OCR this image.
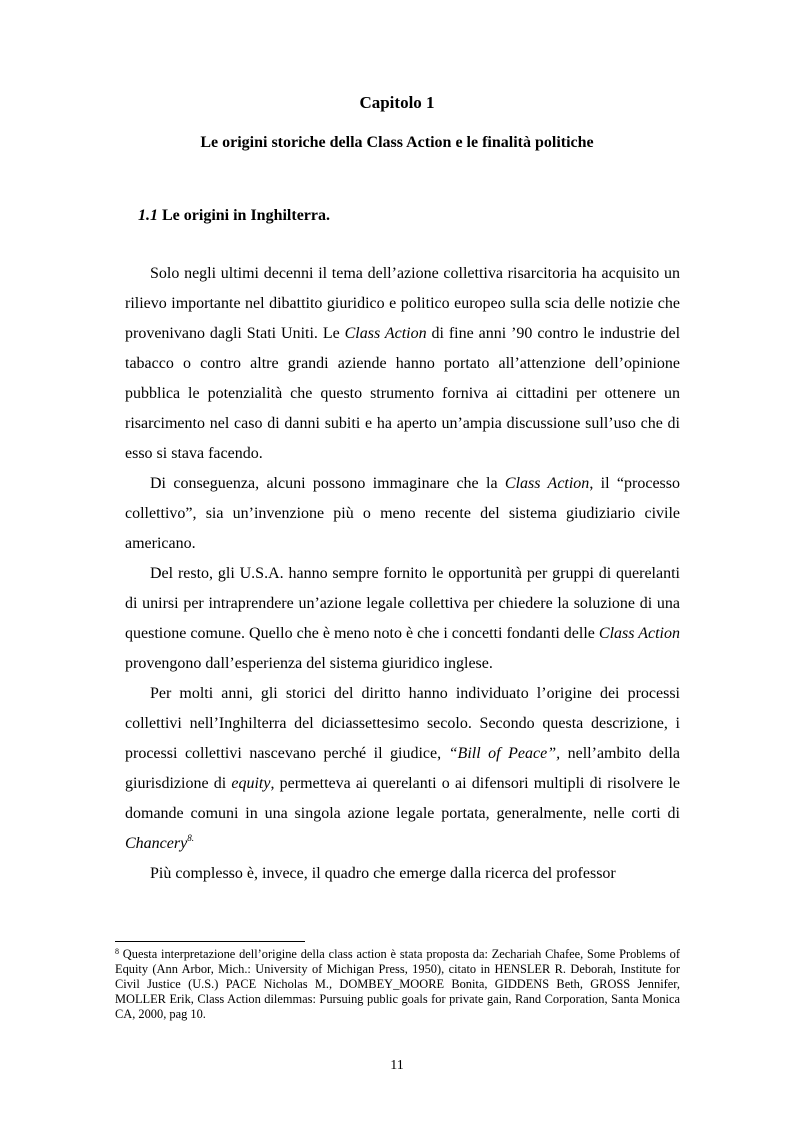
Capitolo 1
Le origini storiche della Class Action e le finalità politiche
1.1 Le origini in Inghilterra.

Solo negli ultimi decenni il tema dell’azione collettiva risarcitoria ha acquisito un rilievo importante nel dibattito giuridico e politico europeo sulla scia delle notizie che provenivano dagli Stati Uniti. Le Class Action di fine anni ’90 contro le industrie del tabacco o contro altre grandi aziende hanno portato all’attenzione dell’opinione pubblica le potenzialità che questo strumento forniva ai cittadini per ottenere un risarcimento nel caso di danni subiti e ha aperto un’ampia discussione sull’uso che di esso si stava facendo.

Di conseguenza, alcuni possono immaginare che la Class Action, il “processo collettivo”, sia un’invenzione più o meno recente del sistema giudiziario civile americano.

Del resto, gli U.S.A. hanno sempre fornito le opportunità per gruppi di querelanti di unirsi per intraprendere un’azione legale collettiva per chiedere la soluzione di una questione comune. Quello che è meno noto è che i concetti fondanti delle Class Action provengono dall’esperienza del sistema giuridico inglese.

Per molti anni, gli storici del diritto hanno individuato l’origine dei processi collettivi nell’Inghilterra del diciassettesimo secolo. Secondo questa descrizione, i processi collettivi nascevano perché il giudice, “Bill of Peace”, nell’ambito della giurisdizione di equity, permetteva ai querelanti o ai difensori multipli di risolvere le domande comuni in una singola azione legale portata, generalmente, nelle corti di Chancery$^{8.}$

Più complesso è, invece, il quadro che emerge dalla ricerca del professor

$^8$ Questa interpretazione dell’origine della class action è stata proposta da: Zechariah Chafee, Some Problems of Equity (Ann Arbor, Mich.: University of Michigan Press, 1950), citato in HENSLER R. Deborah, Institute for Civil Justice (U.S.) PACE Nicholas M., DOMBEY_MOORE Bonita, GIDDENS Beth, GROSS Jennifer, MOLLER Erik, Class Action dilemmas: Pursuing public goals for private gain, Rand Corporation, Santa Monica CA, 2000, pag 10.
11
